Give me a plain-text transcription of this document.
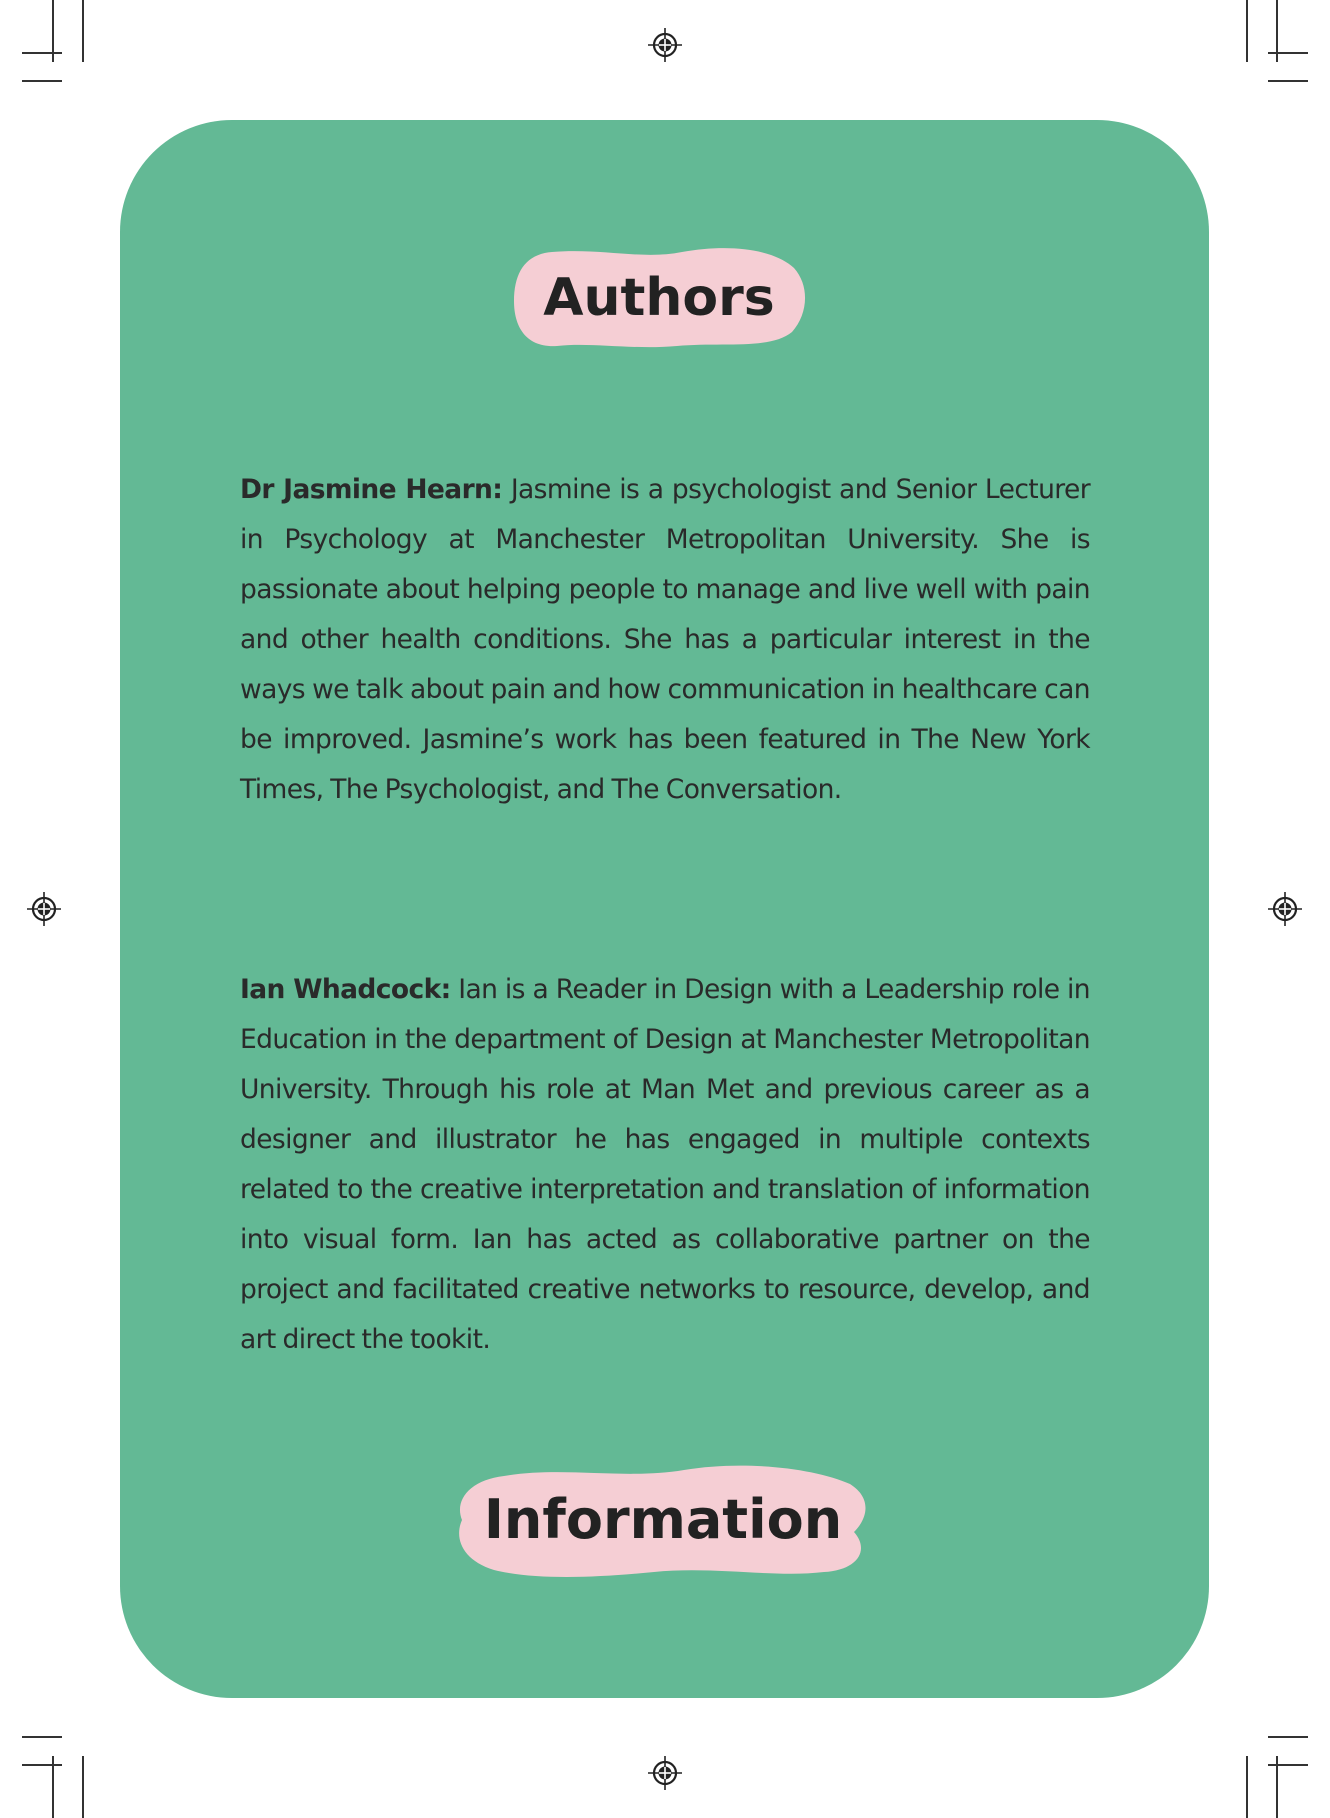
Authors
Dr Jasmine Hearn: Jasmine is a psychologist and Senior Lecturer in Psychology at Manchester Metropolitan University. She is passionate about helping people to manage and live well with pain and other health conditions. She has a particular interest in the ways we talk about pain and how communication in healthcare can be improved. Jasmine’s work has been featured in The New York Times, The Psychologist, and The Conversation.
Ian Whadcock: Ian is a Reader in Design with a Leadership role in Education in the department of Design at Manchester Metropolitan University. Through his role at Man Met and previous career as a designer and illustrator he has engaged in multiple contexts related to the creative interpretation and translation of information into visual form. Ian has acted as collaborative partner on the project and facilitated creative networks to resource, develop, and art direct the tookit.
Information
